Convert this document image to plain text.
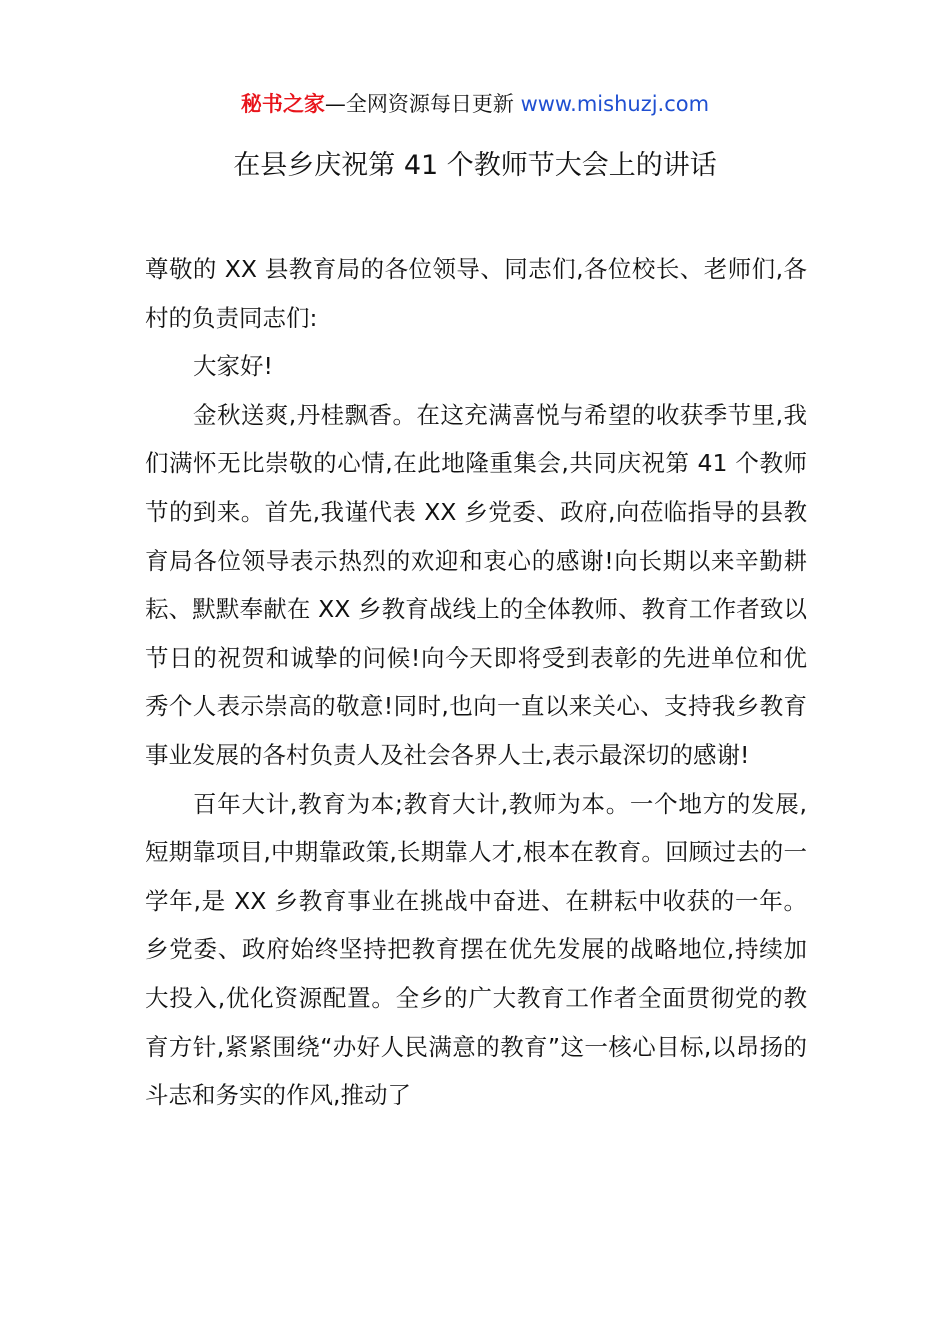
秘书之家—全网资源每日更新 www.mishuzj.com
在县乡庆祝第 41 个教师节大会上的讲话

尊敬的 XX 县教育局的各位领导、同志们,各位校长、老师们,各村的负责同志们:

大家好!

金秋送爽,丹桂飘香。在这充满喜悦与希望的收获季节里,我们满怀无比崇敬的心情,在此地隆重集会,共同庆祝第 41 个教师节的到来。首先,我谨代表 XX 乡党委、政府,向莅临指导的县教育局各位领导表示热烈的欢迎和衷心的感谢!向长期以来辛勤耕耘、默默奉献在 XX 乡教育战线上的全体教师、教育工作者致以节日的祝贺和诚挚的问候!向今天即将受到表彰的先进单位和优秀个人表示崇高的敬意!同时,也向一直以来关心、支持我乡教育事业发展的各村负责人及社会各界人士,表示最深切的感谢!

百年大计,教育为本;教育大计,教师为本。一个地方的发展,短期靠项目,中期靠政策,长期靠人才,根本在教育。回顾过去的一学年,是 XX 乡教育事业在挑战中奋进、在耕耘中收获的一年。乡党委、政府始终坚持把教育摆在优先发展的战略地位,持续加大投入,优化资源配置。全乡的广大教育工作者全面贯彻党的教育方针,紧紧围绕“办好人民满意的教育”这一核心目标,以昂扬的斗志和务实的作风,推动了
